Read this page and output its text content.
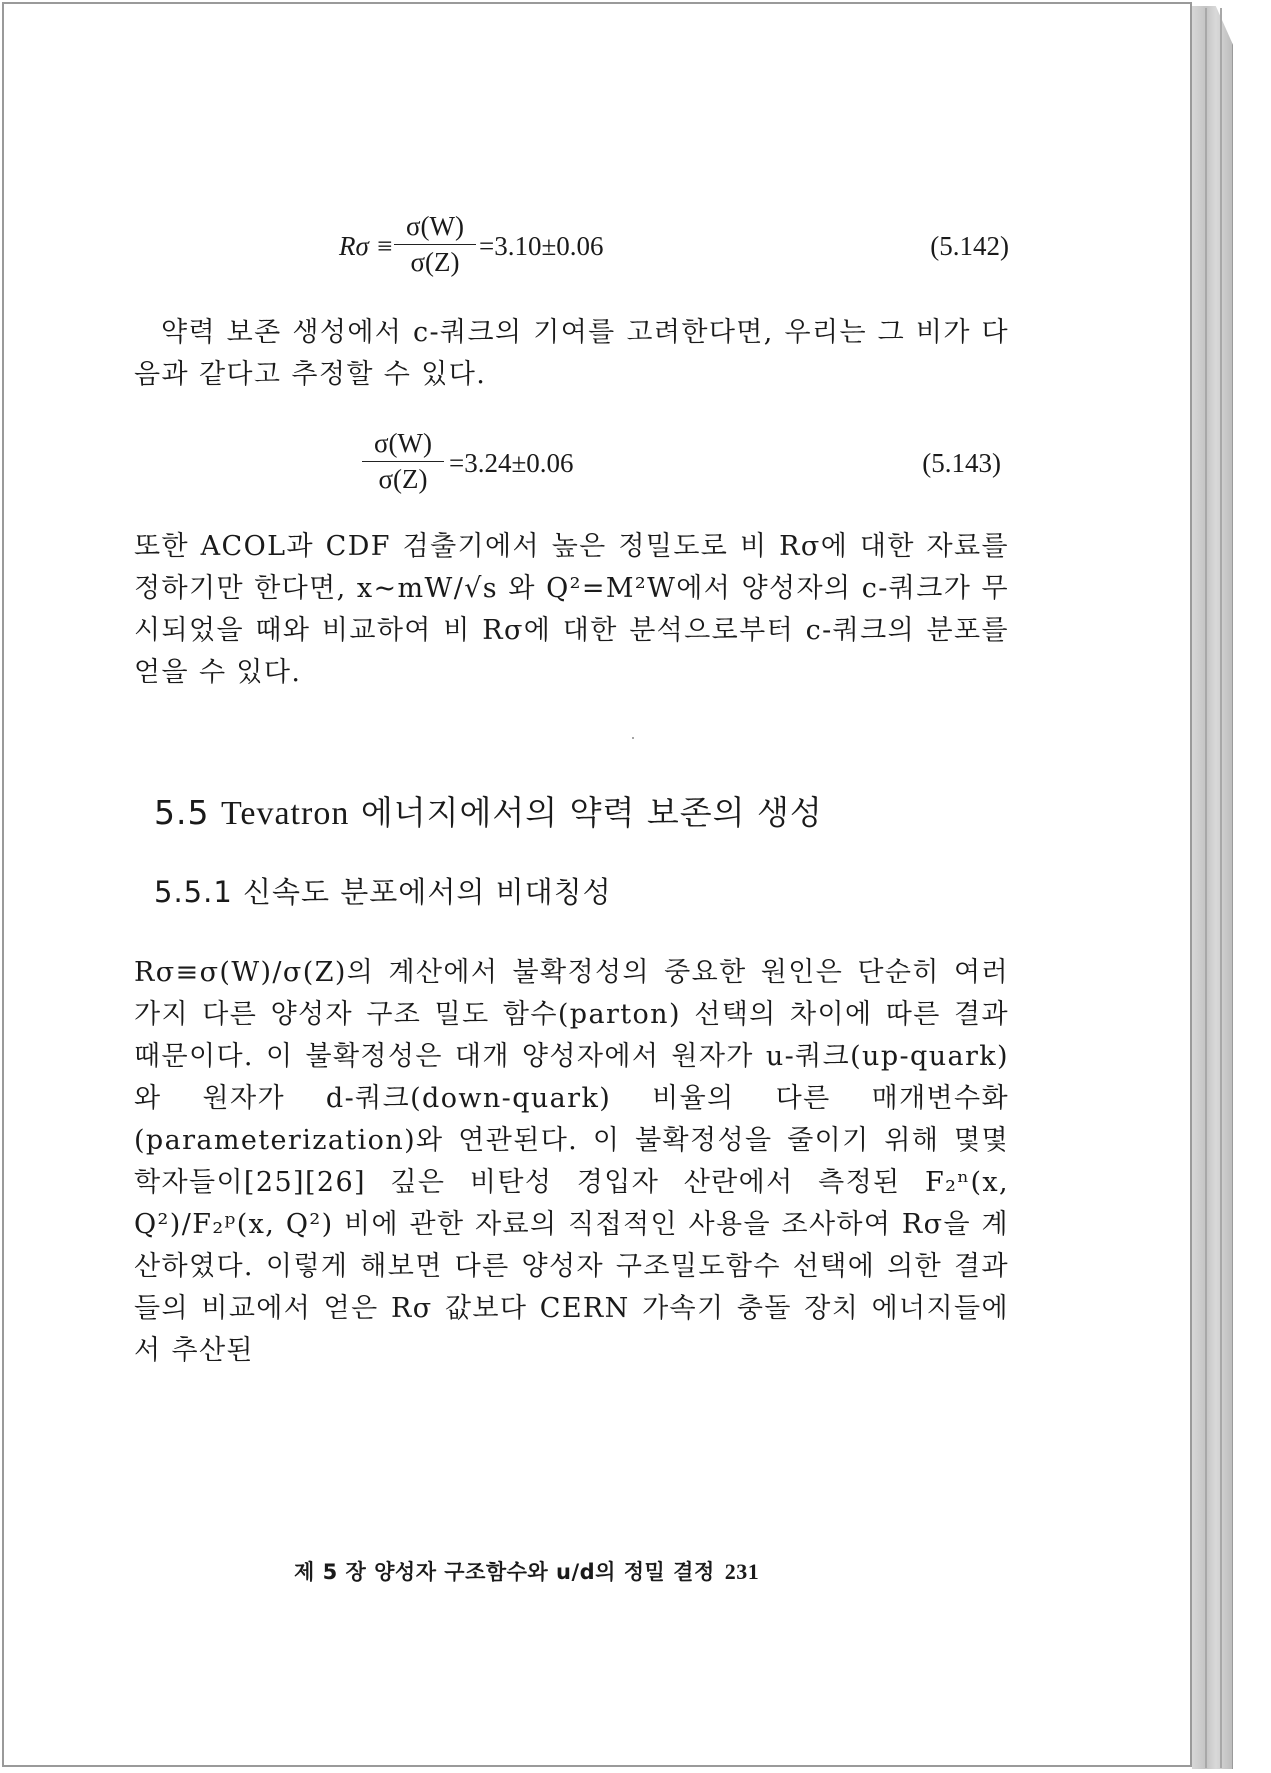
$R\sigma \equiv \frac{\sigma(W)}{\sigma(Z)} =3.10\pm 0.06$	(5.142)
약력 보존 생성에서 c-쿼크의 기여를 고려한다면, 우리는 그 비가 다음과 같다고 추정할 수 있다.
$\frac{\sigma(W)}{\sigma(Z)} =3.24\pm 0.06$	(5.143)
또한 ACOL과 CDF 검출기에서 높은 정밀도로 비 Rσ에 대한 자료를 정하기만 한다면, x~mW/√s 와 Q²=M²W에서 양성자의 c-쿼크가 무시되었을 때와 비교하여 비 Rσ에 대한 분석으로부터 c-쿼크의 분포를 얻을 수 있다.
5.5 Tevatron 에너지에서의 약력 보존의 생성
5.5.1 신속도 분포에서의 비대칭성
Rσ≡σ(W)/σ(Z)의 계산에서 불확정성의 중요한 원인은 단순히 여러 가지 다른 양성자 구조 밀도 함수(parton) 선택의 차이에 따른 결과 때문이다. 이 불확정성은 대개 양성자에서 원자가 u-쿼크(up-quark)와 원자가 d-쿼크(down-quark) 비율의 다른 매개변수화(parameterization)와 연관된다. 이 불확정성을 줄이기 위해 몇몇 학자들이[25][26] 깊은 비탄성 경입자 산란에서 측정된 F₂ⁿ(x, Q²)/F₂ᵖ(x, Q²) 비에 관한 자료의 직접적인 사용을 조사하여 Rσ을 계산하였다. 이렇게 해보면 다른 양성자 구조밀도함수 선택에 의한 결과들의 비교에서 얻은 Rσ 값보다 CERN 가속기 충돌 장치 에너지들에서 추산된
제 5 장 양성자 구조함수와 u/d의 정밀 결정 231
